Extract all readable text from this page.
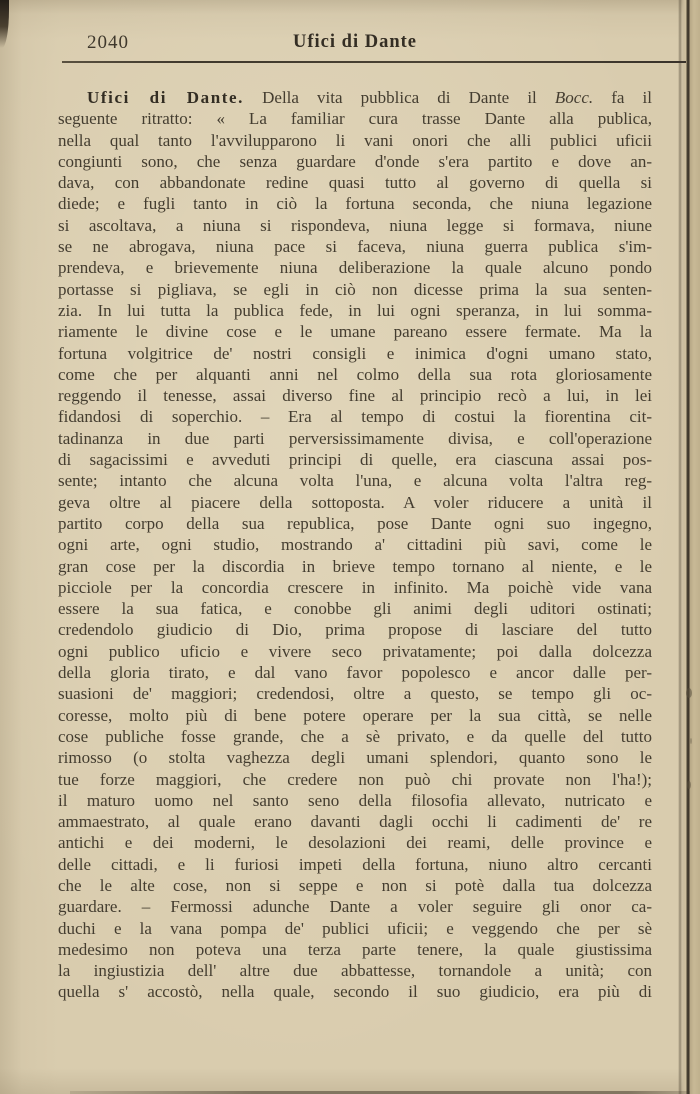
2040	Ufici di Dante
Ufici di Dante. Della vita pubblica di Dante il Bocc. fa il
seguente ritratto: « La familiar cura trasse Dante alla publica,
nella qual tanto l'avvilupparono li vani onori che alli publici uficii
congiunti sono, che senza guardare d'onde s'era partito e dove an-
dava, con abbandonate redine quasi tutto al governo di quella si
diede; e fugli tanto in ciò la fortuna seconda, che niuna legazione
si ascoltava, a niuna si rispondeva, niuna legge si formava, niune
se ne abrogava, niuna pace si faceva, niuna guerra publica s'im-
prendeva, e brievemente niuna deliberazione la quale alcuno pondo
portasse si pigliava, se egli in ciò non dicesse prima la sua senten-
zia. In lui tutta la publica fede, in lui ogni speranza, in lui somma-
riamente le divine cose e le umane pareano essere fermate. Ma la
fortuna volgitrice de' nostri consigli e inimica d'ogni umano stato,
come che per alquanti anni nel colmo della sua rota gloriosamente
reggendo il tenesse, assai diverso fine al principio recò a lui, in lei
fidandosi di soperchio. – Era al tempo di costui la fiorentina cit-
tadinanza in due parti perversissimamente divisa, e coll'operazione
di sagacissimi e avveduti principi di quelle, era ciascuna assai pos-
sente; intanto che alcuna volta l'una, e alcuna volta l'altra reg-
geva oltre al piacere della sottoposta. A voler riducere a unità il
partito corpo della sua republica, pose Dante ogni suo ingegno,
ogni arte, ogni studio, mostrando a' cittadini più savi, come le
gran cose per la discordia in brieve tempo tornano al niente, e le
picciole per la concordia crescere in infinito. Ma poichè vide vana
essere la sua fatica, e conobbe gli animi degli uditori ostinati;
credendolo giudicio di Dio, prima propose di lasciare del tutto
ogni publico uficio e vivere seco privatamente; poi dalla dolcezza
della gloria tirato, e dal vano favor popolesco e ancor dalle per-
suasioni de' maggiori; credendosi, oltre a questo, se tempo gli oc-
coresse, molto più di bene potere operare per la sua città, se nelle
cose publiche fosse grande, che a sè privato, e da quelle del tutto
rimosso (o stolta vaghezza degli umani splendori, quanto sono le
tue forze maggiori, che credere non può chi provate non l'ha!);
il maturo uomo nel santo seno della filosofia allevato, nutricato e
ammaestrato, al quale erano davanti dagli occhi li cadimenti de' re
antichi e dei moderni, le desolazioni dei reami, delle province e
delle cittadi, e li furiosi impeti della fortuna, niuno altro cercanti
che le alte cose, non si seppe e non si potè dalla tua dolcezza
guardare. – Fermossi adunche Dante a voler seguire gli onor ca-
duchi e la vana pompa de' publici uficii; e veggendo che per sè
medesimo non poteva una terza parte tenere, la quale giustissima
la ingiustizia dell' altre due abbattesse, tornandole a unità; con
quella s' accostò, nella quale, secondo il suo giudicio, era più di
